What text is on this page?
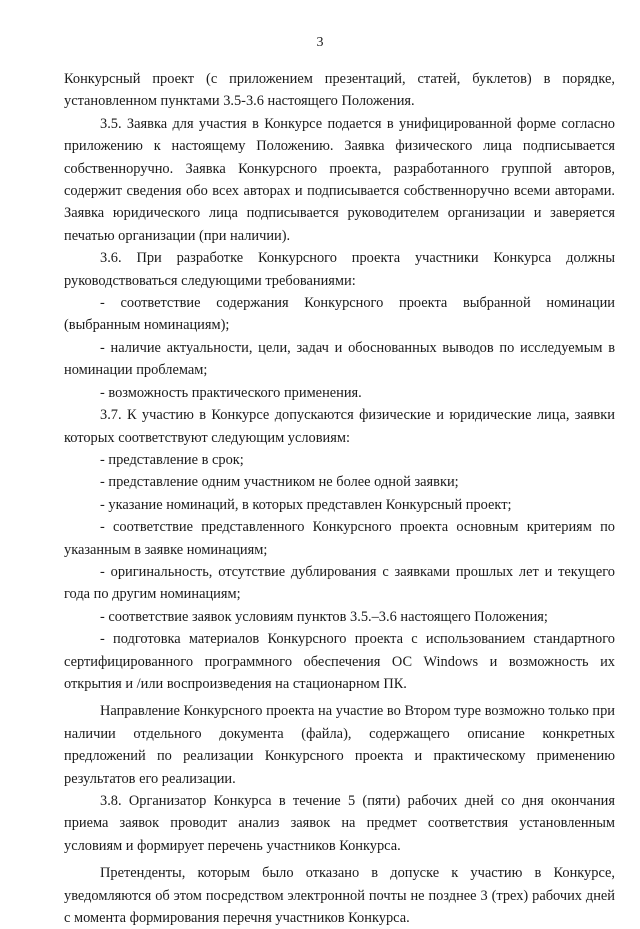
3

Конкурсный проект (с приложением презентаций, статей, буклетов) в порядке, установленном пунктами 3.5-3.6 настоящего Положения.

3.5. Заявка для участия в Конкурсе подается в унифицированной форме согласно приложению к настоящему Положению. Заявка физического лица подписывается собственноручно. Заявка Конкурсного проекта, разработанного группой авторов, содержит сведения обо всех авторах и подписывается собственноручно всеми авторами. Заявка юридического лица подписывается руководителем организации и заверяется печатью организации (при наличии).

3.6. При разработке Конкурсного проекта участники Конкурса должны руководствоваться следующими требованиями:

- соответствие содержания Конкурсного проекта выбранной номинации (выбранным номинациям);

- наличие актуальности, цели, задач и обоснованных выводов по исследуемым в номинации проблемам;

- возможность практического применения.

3.7. К участию в Конкурсе допускаются физические и юридические лица, заявки которых соответствуют следующим условиям:

- представление в срок;

- представление одним участником не более одной заявки;

- указание номинаций, в которых представлен Конкурсный проект;

- соответствие представленного Конкурсного проекта основным критериям по указанным в заявке номинациям;

- оригинальность, отсутствие дублирования с заявками прошлых лет и текущего года по другим номинациям;

- соответствие заявок условиям пунктов 3.5.–3.6 настоящего Положения;

- подготовка материалов Конкурсного проекта с использованием стандартного сертифицированного программного обеспечения ОС Windows и возможность их открытия и /или воспроизведения на стационарном ПК.

Направление Конкурсного проекта на участие во Втором туре возможно только при наличии отдельного документа (файла), содержащего описание конкретных предложений по реализации Конкурсного проекта и практическому применению результатов его реализации.

3.8. Организатор Конкурса в течение 5 (пяти) рабочих дней со дня окончания приема заявок проводит анализ заявок на предмет соответствия установленным условиям и формирует перечень участников Конкурса.

Претенденты, которым было отказано в допуске к участию в Конкурсе, уведомляются об этом посредством электронной почты не позднее 3 (трех) рабочих дней с момента формирования перечня участников Конкурса.
